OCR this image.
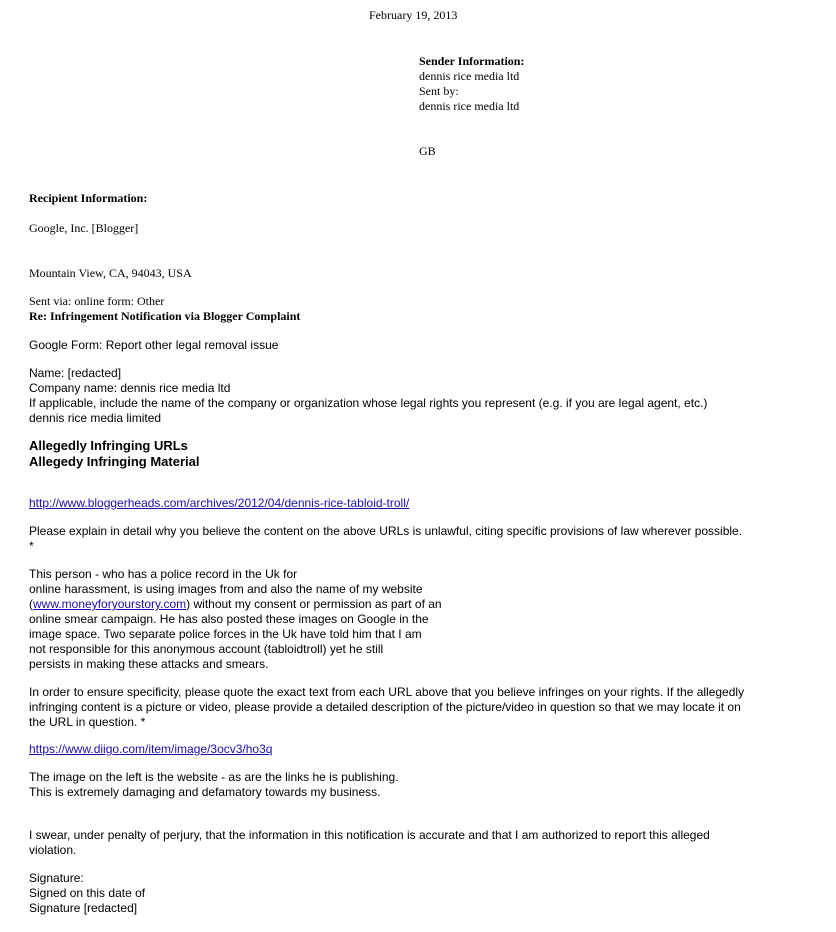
February 19, 2013
Sender Information:
dennis rice media ltd
Sent by:
dennis rice media ltd
GB
Recipient Information:
Google, Inc. [Blogger]
Mountain View, CA, 94043, USA
Sent via: online form: Other
Re: Infringement Notification via Blogger Complaint
Google Form: Report other legal removal issue
Name: [redacted]
Company name: dennis rice media ltd
If applicable, include the name of the company or organization whose legal rights you represent (e.g. if you are legal agent, etc.)
dennis rice media limited
Allegedly Infringing URLs
Allegedy Infringing Material
http://www.bloggerheads.com/archives/2012/04/dennis-rice-tabloid-troll/
Please explain in detail why you believe the content on the above URLs is unlawful, citing specific provisions of law wherever possible.
*
This person - who has a police record in the Uk for
online harassment, is using images from and also the name of my website
(www.moneyforyourstory.com) without my consent or permission as part of an
online smear campaign. He has also posted these images on Google in the
image space. Two separate police forces in the Uk have told him that I am
not responsible for this anonymous account (tabloidtroll) yet he still
persists in making these attacks and smears.
In order to ensure specificity, please quote the exact text from each URL above that you believe infringes on your rights. If the allegedly
infringing content is a picture or video, please provide a detailed description of the picture/video in question so that we may locate it on
the URL in question. *
https://www.diigo.com/item/image/3ocv3/ho3q
The image on the left is the website - as are the links he is publishing.
This is extremely damaging and defamatory towards my business.
I swear, under penalty of perjury, that the information in this notification is accurate and that I am authorized to report this alleged
violation.
Signature:
Signed on this date of
Signature [redacted]
